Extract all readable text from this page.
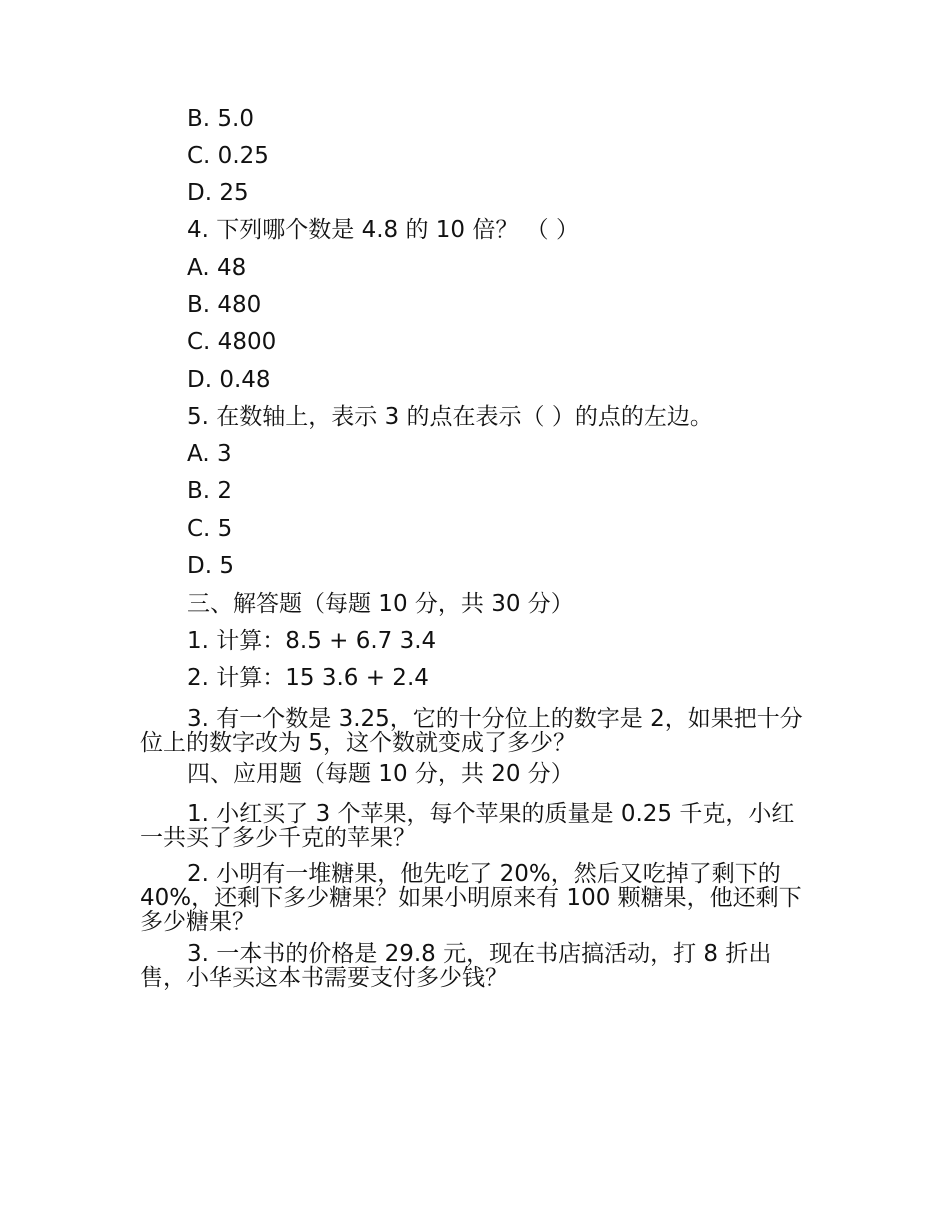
B. 5.0
C. 0.25
D. 25
4. 下列哪个数是 4.8 的 10 倍？ （ ）
A. 48
B. 480
C. 4800
D. 0.48
5. 在数轴上，表示 3 的点在表示（ ）的点的左边。
A. 3
B. 2
C. 5
D. 5
三、解答题（每题 10 分，共 30 分）
1. 计算：8.5 + 6.7 3.4
2. 计算：15 3.6 + 2.4
3. 有一个数是 3.25，它的十分位上的数字是 2，如果把十分位上的数字改为 5，这个数就变成了多少？
四、应用题（每题 10 分，共 20 分）
1. 小红买了 3 个苹果，每个苹果的质量是 0.25 千克，小红一共买了多少千克的苹果？
2. 小明有一堆糖果，他先吃了 20%，然后又吃掉了剩下的 40%，还剩下多少糖果？如果小明原来有 100 颗糖果，他还剩下多少糖果？
3. 一本书的价格是 29.8 元，现在书店搞活动，打 8 折出售，小华买这本书需要支付多少钱？
